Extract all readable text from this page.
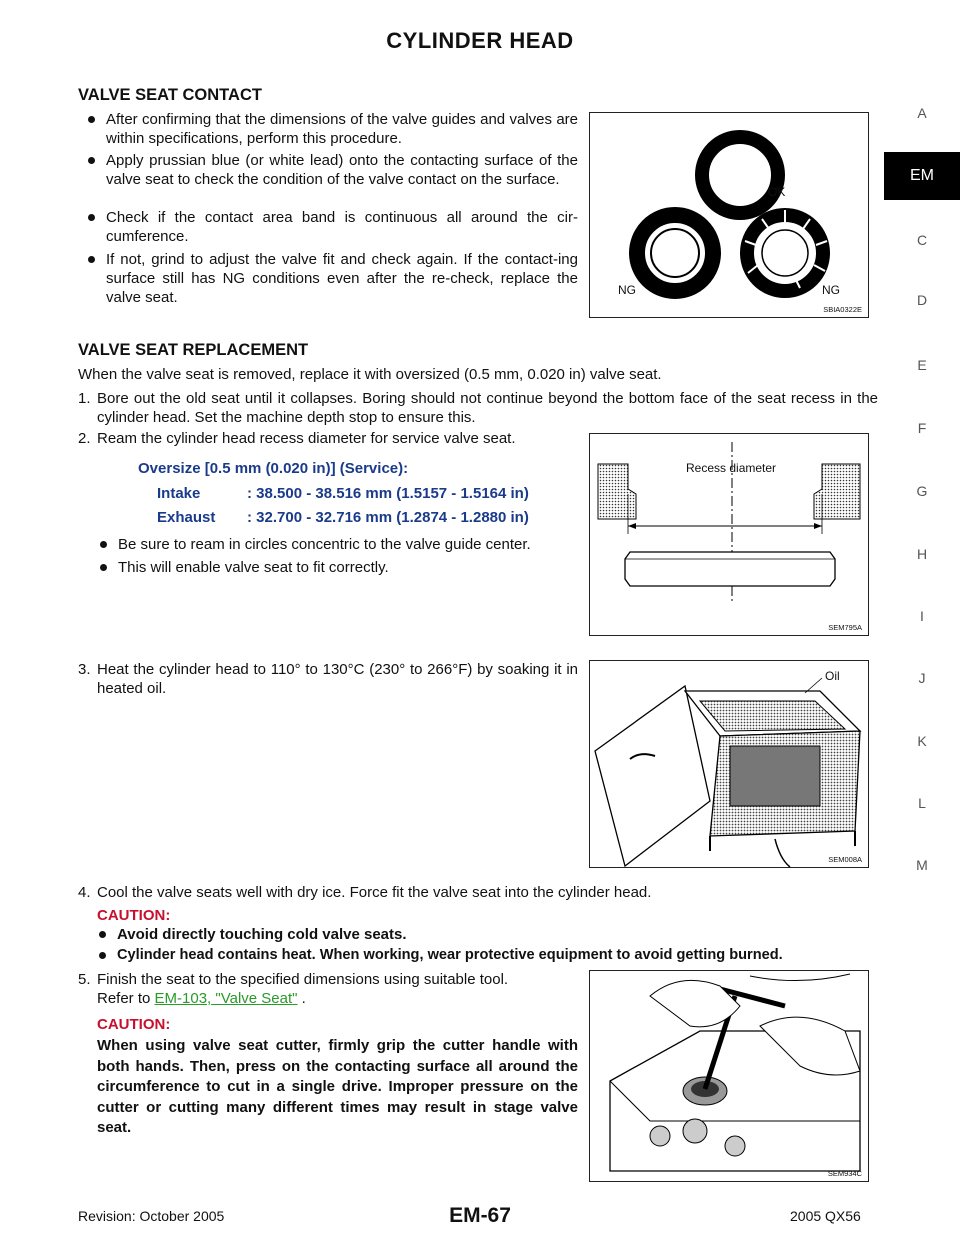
CYLINDER HEAD
A
EM
C
D
E
F
G
H
I
J
K
L
M
VALVE SEAT CONTACT
After confirming that the dimensions of the valve guides and valves are within specifications, perform this procedure.
Apply prussian blue (or white lead) onto the contacting surface of the valve seat to check the condition of the valve contact on the surface.
Check if the contact area band is continuous all around the cir-cumference.
If not, grind to adjust the valve fit and check again. If the contact-ing surface still has NG conditions even after the re-check, replace the valve seat.
OK
NG	NG
SBIA0322E
VALVE SEAT REPLACEMENT
When the valve seat is removed, replace it with oversized (0.5 mm, 0.020 in) valve seat.
1. Bore out the old seat until it collapses. Boring should not continue beyond the bottom face of the seat recess in the cylinder head. Set the machine depth stop to ensure this.
2. Ream the cylinder head recess diameter for service valve seat.
Oversize [0.5 mm (0.020 in)] (Service):
Intake	: 38.500 - 38.516 mm (1.5157 - 1.5164 in)
Exhaust : 32.700 - 32.716 mm (1.2874 - 1.2880 in)
Be sure to ream in circles concentric to the valve guide center.
This will enable valve seat to fit correctly.
Recess diameter
SEM795A
3. Heat the cylinder head to 110° to 130°C (230° to 266°F) by soaking it in heated oil.
Oil
SEM008A
4. Cool the valve seats well with dry ice. Force fit the valve seat into the cylinder head.
CAUTION:
Avoid directly touching cold valve seats.
Cylinder head contains heat. When working, wear protective equipment to avoid getting burned.
5. Finish the seat to the specified dimensions using suitable tool.
Refer to EM-103, "Valve Seat" .
CAUTION:
When using valve seat cutter, firmly grip the cutter handle with both hands. Then, press on the contacting surface all around the circumference to cut in a single drive. Improper pressure on the cutter or cutting many different times may result in stage valve seat.
SEM934C
Revision: October 2005	EM-67	2005 QX56
